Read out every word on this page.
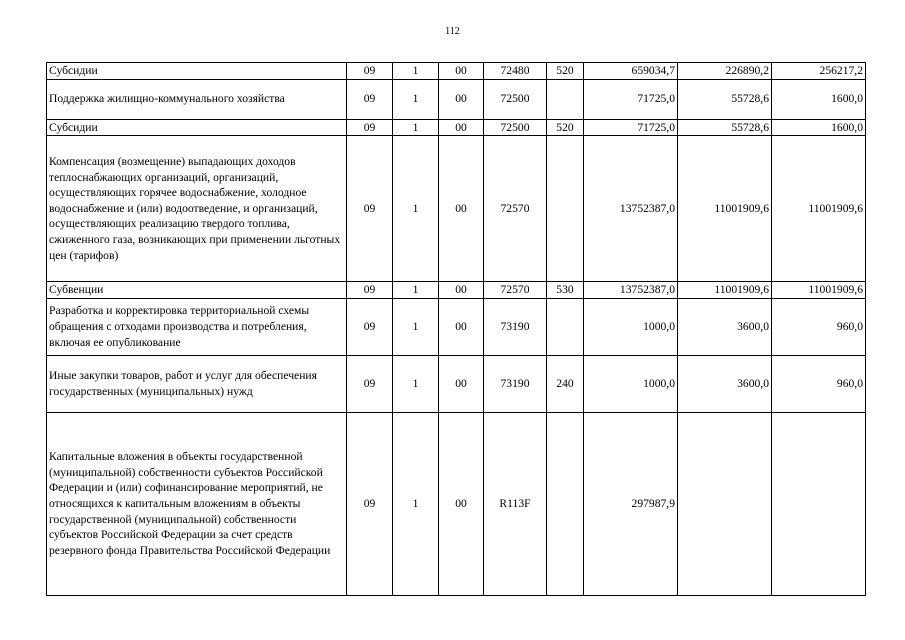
112
Субсидии	09	1	00	72480	520	659034,7	226890,2	256217,2
Поддержка жилищно-коммунального хозяйства	09	1	00	72500		71725,0	55728,6	1600,0
Субсидии	09	1	00	72500	520	71725,0	55728,6	1600,0
Компенсация (возмещение) выпадающих доходов теплоснабжающих организаций, организаций, осуществляющих горячее водоснабжение, холодное водоснабжение и (или) водоотведение, и организаций, осуществляющих реализацию твердого топлива, сжиженного газа, возникающих при применении льготных цен (тарифов)	09	1	00	72570		13752387,0	11001909,6	11001909,6
Субвенции	09	1	00	72570	530	13752387,0	11001909,6	11001909,6
Разработка и корректировка территориальной схемы обращения с отходами производства и потребления, включая ее опубликование	09	1	00	73190		1000,0	3600,0	960,0
Иные закупки товаров, работ и услуг для обеспечения государственных (муниципальных) нужд	09	1	00	73190	240	1000,0	3600,0	960,0
Капитальные вложения в объекты государственной (муниципальной) собственности субъектов Российской Федерации и (или) софинансирование мероприятий, не относящихся к капитальным вложениям в объекты государственной (муниципальной) собственности субъектов Российской Федерации за счет средств резервного фонда Правительства Российской Федерации	09	1	00	R113F		297987,9		
